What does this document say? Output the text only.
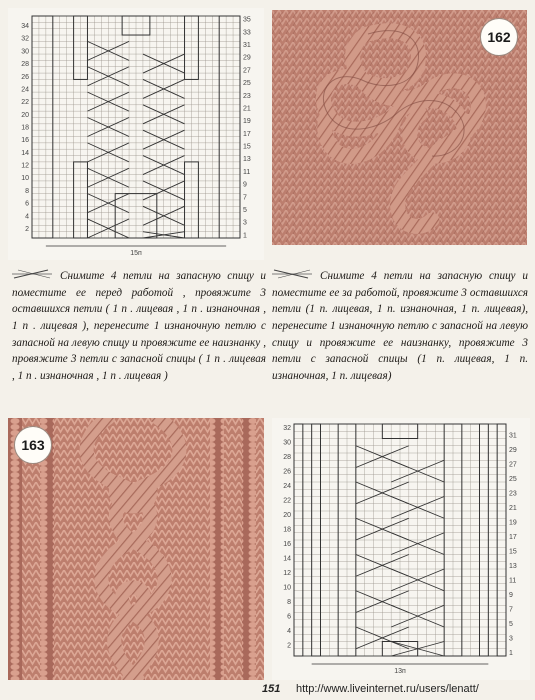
1
2
3
4
5
6
7
8
9
10
11
12
13
14
15
16
17
18
19
20
21
22
23
24
25
26
27
28
29
30
31
32
33
34
35
15п
162

Снимите 4 петли на запасную спицу и поместите ее перед работой , провяжите 3 оставшихся петли ( 1 п . лицевая , 1 п . изнаночная , 1 п . лицевая ), перенесите 1 изнаночную петлю с запасной на левую спицу и провяжите ее наизнанку , провяжите 3 петли с запасной спицы ( 1 п . лицевая , 1 п . изнаночная , 1 п . лицевая )

Снимите 4 петли на запасную спицу и поместите ее за работой, провяжите 3 оставшихся петли (1 п. лицевая, 1 п. изнаночная, 1 п. лицевая), перенесите 1 изнаночную петлю с запасной на левую спицу и провяжите ее наизнанку, провяжите 3 петли с запасной спицы (1 п. лицевая, 1 п. изнаночная, 1 п. лицевая)

163
1
2
3
4
5
6
7
8
9
10
11
12
13
14
15
16
17
18
19
20
21
22
23
24
25
26
27
28
29
30
31
32
13п
151 http://www.liveinternet.ru/users/lenatt/
